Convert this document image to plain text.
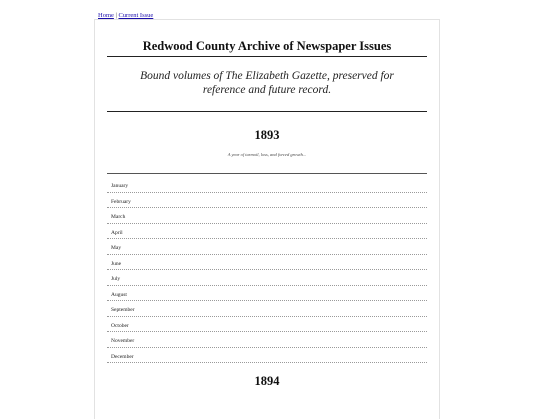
Home | Current Issue
Redwood County Archive of Newspaper Issues
Bound volumes of The Elizabeth Gazette, preserved for
reference and future record.
1893
A year of turmoil, loss, and forced growth...
January
February
March
April
May
June
July
August
September
October
November
December
1894
